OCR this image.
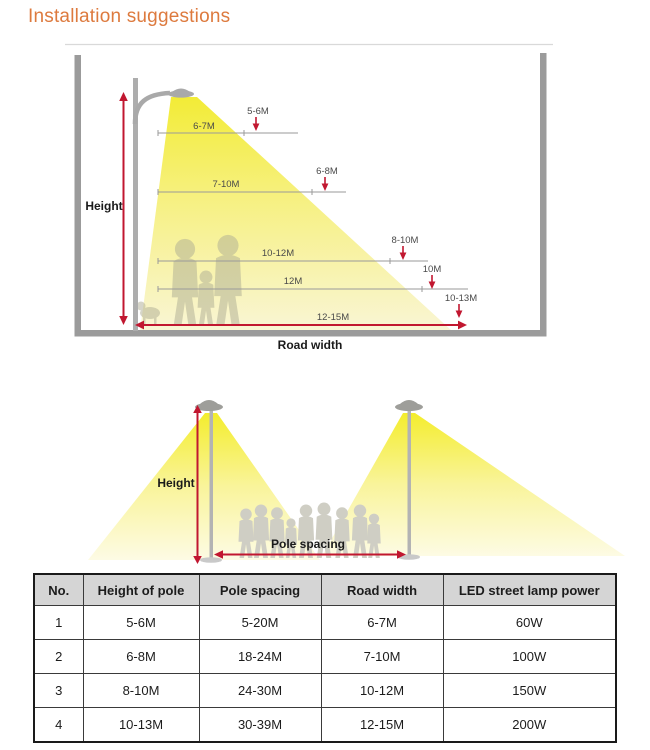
Installation suggestions
Height
6-7M
7-10M
10-12M
12M
12-15M
5-6M
6-8M
8-10M
10M
10-13M
Road width
Height
Pole spacing
No.	Height of pole	Pole spacing	Road width	LED street lamp power
1	5-6M	5-20M	6-7M	60W
2	6-8M	18-24M	7-10M	100W
3	8-10M	24-30M	10-12M	150W
4	10-13M	30-39M	12-15M	200W
